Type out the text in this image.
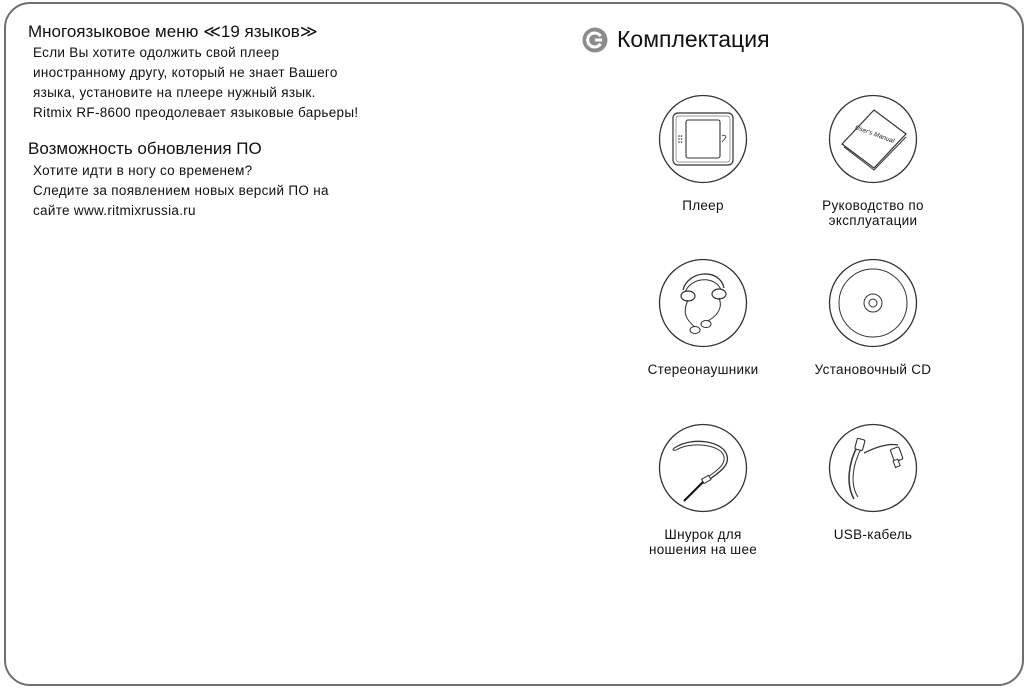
Многоязыковое меню ≪19 языков≫
Если Вы хотите одолжить свой плеер
иностранному другу, который не знает Вашего
языка, установите на плеере нужный язык.
Ritmix RF-8600 преодолевает языковые барьеры!
Возможность обновления ПО
Хотите идти в ногу со временем?
Следите за появлением новых версий ПО на
сайте www.ritmixrussia.ru
Комплектация
Плеер
User's Manual
Руководство по
эксплуатации
Стереонаушники	Установочный CD
Шнурок для
ношения на шее
USB-кабель
